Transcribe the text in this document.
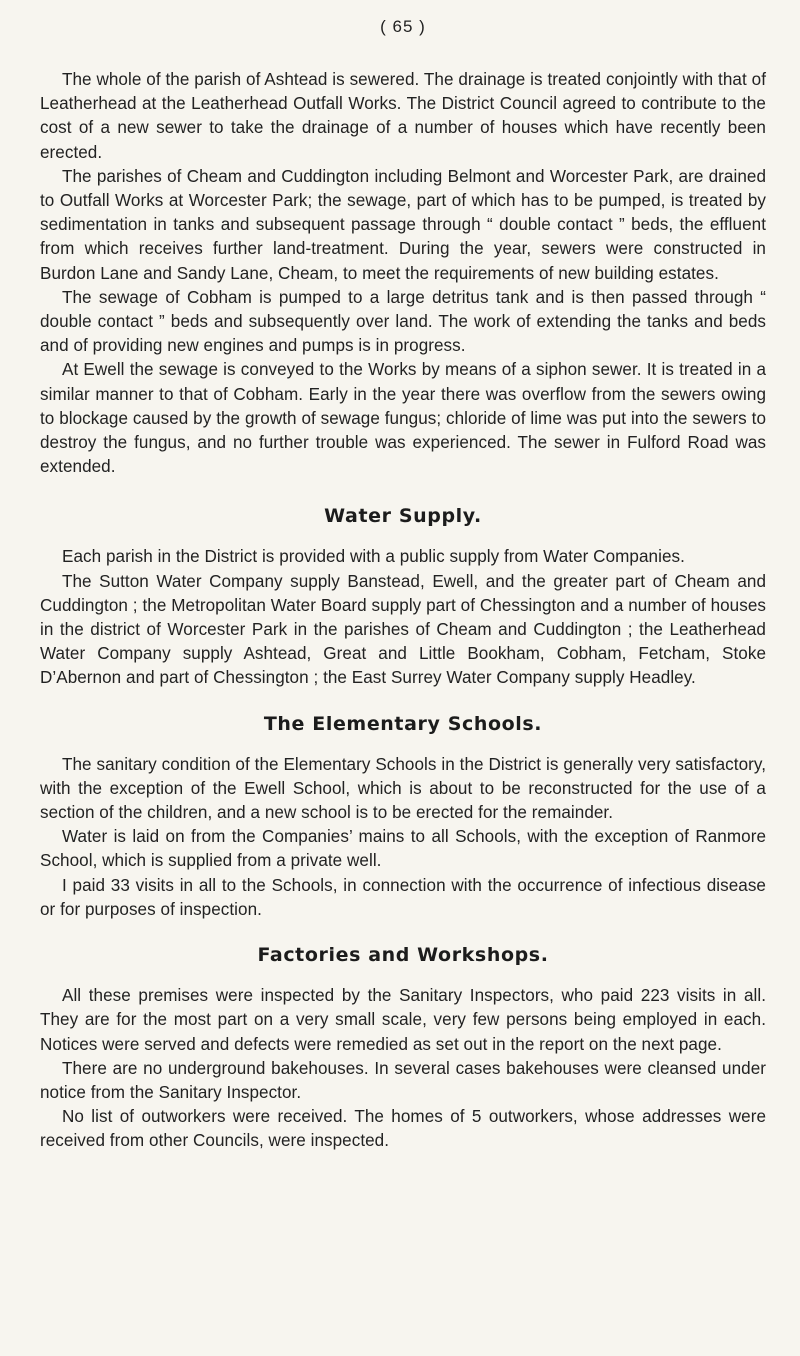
( 65 )

The whole of the parish of Ashtead is sewered. The drainage is treated conjointly with that of Leatherhead at the Leatherhead Outfall Works. The District Council agreed to contribute to the cost of a new sewer to take the drainage of a number of houses which have recently been erected.

The parishes of Cheam and Cuddington including Belmont and Worcester Park, are drained to Outfall Works at Worcester Park; the sewage, part of which has to be pumped, is treated by sedimentation in tanks and subsequent passage through “ double contact ” beds, the effluent from which receives further land-treatment. During the year, sewers were constructed in Burdon Lane and Sandy Lane, Cheam, to meet the requirements of new building estates.

The sewage of Cobham is pumped to a large detritus tank and is then passed through “ double contact ” beds and subsequently over land. The work of extending the tanks and beds and of providing new engines and pumps is in progress.

At Ewell the sewage is conveyed to the Works by means of a siphon sewer. It is treated in a similar manner to that of Cobham. Early in the year there was overflow from the sewers owing to blockage caused by the growth of sewage fungus; chloride of lime was put into the sewers to destroy the fungus, and no further trouble was experienced. The sewer in Fulford Road was extended.

Water Supply.

Each parish in the District is provided with a public supply from Water Companies.

The Sutton Water Company supply Banstead, Ewell, and the greater part of Cheam and Cuddington ; the Metropolitan Water Board supply part of Chessington and a number of houses in the district of Worcester Park in the parishes of Cheam and Cuddington ; the Leatherhead Water Company supply Ashtead, Great and Little Bookham, Cobham, Fetcham, Stoke D’Abernon and part of Chessington ; the East Surrey Water Company supply Headley.

The Elementary Schools.

The sanitary condition of the Elementary Schools in the District is generally very satisfactory, with the exception of the Ewell School, which is about to be reconstructed for the use of a section of the children, and a new school is to be erected for the remainder.

Water is laid on from the Companies’ mains to all Schools, with the exception of Ranmore School, which is supplied from a private well.

I paid 33 visits in all to the Schools, in connection with the occurrence of infectious disease or for purposes of inspection.

Factories and Workshops.

All these premises were inspected by the Sanitary Inspectors, who paid 223 visits in all. They are for the most part on a very small scale, very few persons being employed in each. Notices were served and defects were remedied as set out in the report on the next page.

There are no underground bakehouses. In several cases bakehouses were cleansed under notice from the Sanitary Inspector.

No list of outworkers were received. The homes of 5 outworkers, whose addresses were received from other Councils, were inspected.
